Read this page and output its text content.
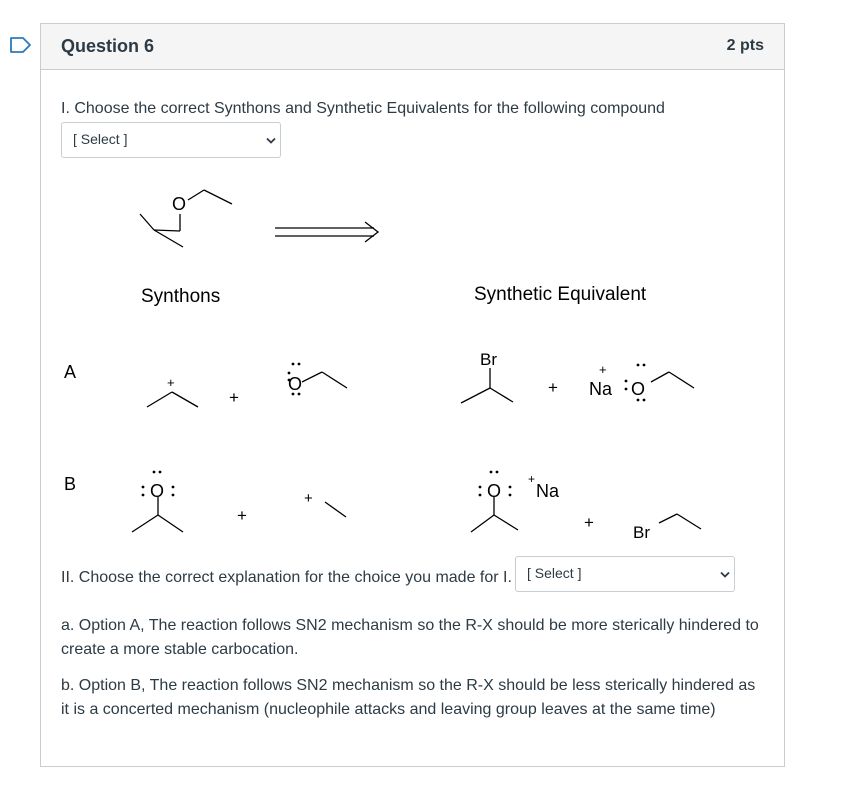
Question 6	2 pts
I. Choose the correct Synthons and Synthetic Equivalents for the following compound
[ Select ]
O
Synthons	Synthetic Equivalent
A
B
+
+
O
Br
+
+
Na O
O
+
+	O
+
Na
+
Br
II. Choose the correct explanation for the choice you made for I. [ Select ]
a. Option A, The reaction follows SN2 mechanism so the R-X should be more sterically hindered to create a more stable carbocation.
b. Option B, The reaction follows SN2 mechanism so the R-X should be less sterically hindered as it is a concerted mechanism (nucleophile attacks and leaving group leaves at the same time)
